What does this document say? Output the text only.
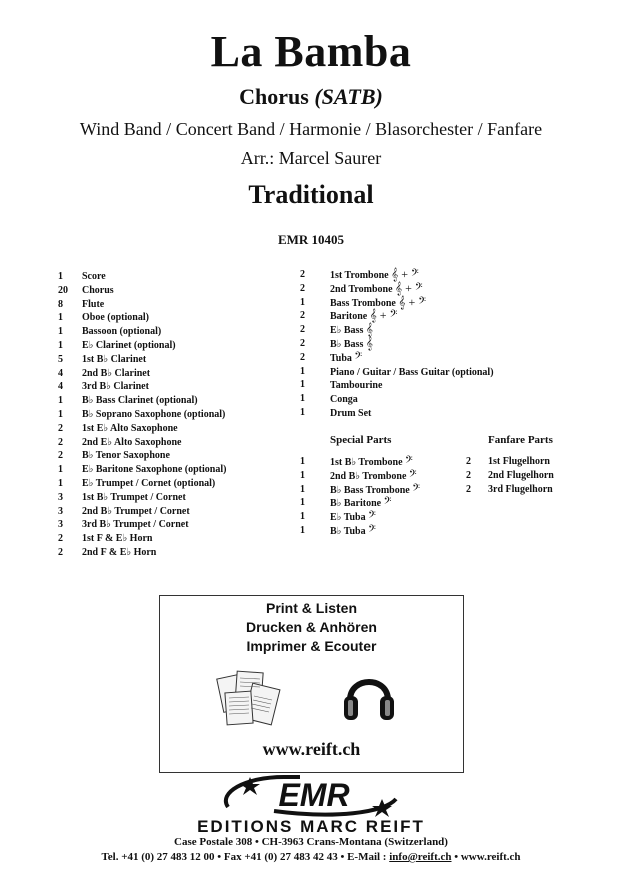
La Bamba
Chorus (SATB)
Wind Band / Concert Band / Harmonie / Blasorchester / Fanfare
Arr.: Marcel Saurer
Traditional
EMR 10405
1 Score
20 Chorus
8 Flute
1 Oboe (optional)
1 Bassoon (optional)
1 E♭ Clarinet (optional)
5 1st B♭ Clarinet
4 2nd B♭ Clarinet
4 3rd B♭ Clarinet
1 B♭ Bass Clarinet (optional)
1 B♭ Soprano Saxophone (optional)
2 1st E♭ Alto Saxophone
2 2nd E♭ Alto Saxophone
2 B♭ Tenor Saxophone
1 E♭ Baritone Saxophone (optional)
1 E♭ Trumpet / Cornet (optional)
3 1st B♭ Trumpet / Cornet
3 2nd B♭ Trumpet / Cornet
3 3rd B♭ Trumpet / Cornet
2 1st F & E♭ Horn
2 2nd F & E♭ Horn
2	1st Trombone 𝄞 + 𝄢
2	2nd Trombone 𝄞 + 𝄢
1	Bass Trombone 𝄞 + 𝄢
2	Baritone 𝄞 + 𝄢
2	E♭ Bass 𝄞
2	B♭ Bass 𝄞
2	Tuba 𝄢
1	Piano / Guitar / Bass Guitar (optional)
1	Tambourine
1	Conga
1	Drum Set
Special Parts	Fanfare Parts
1	1st B♭ Trombone 𝄢
1	2nd B♭ Trombone 𝄢
1	B♭ Bass Trombone 𝄢
1	B♭ Baritone 𝄢
1	E♭ Tuba 𝄢
1	B♭ Tuba 𝄢
2 1st Flugelhorn
2 2nd Flugelhorn
2 3rd Flugelhorn
Print & Listen
Drucken & Anhören
Imprimer & Ecouter
www.reift.ch
EMR
EDITIONS MARC REIFT
Case Postale 308 • CH-3963 Crans-Montana (Switzerland)
Tel. +41 (0) 27 483 12 00 • Fax +41 (0) 27 483 42 43 • E-Mail : info@reift.ch • www.reift.ch
